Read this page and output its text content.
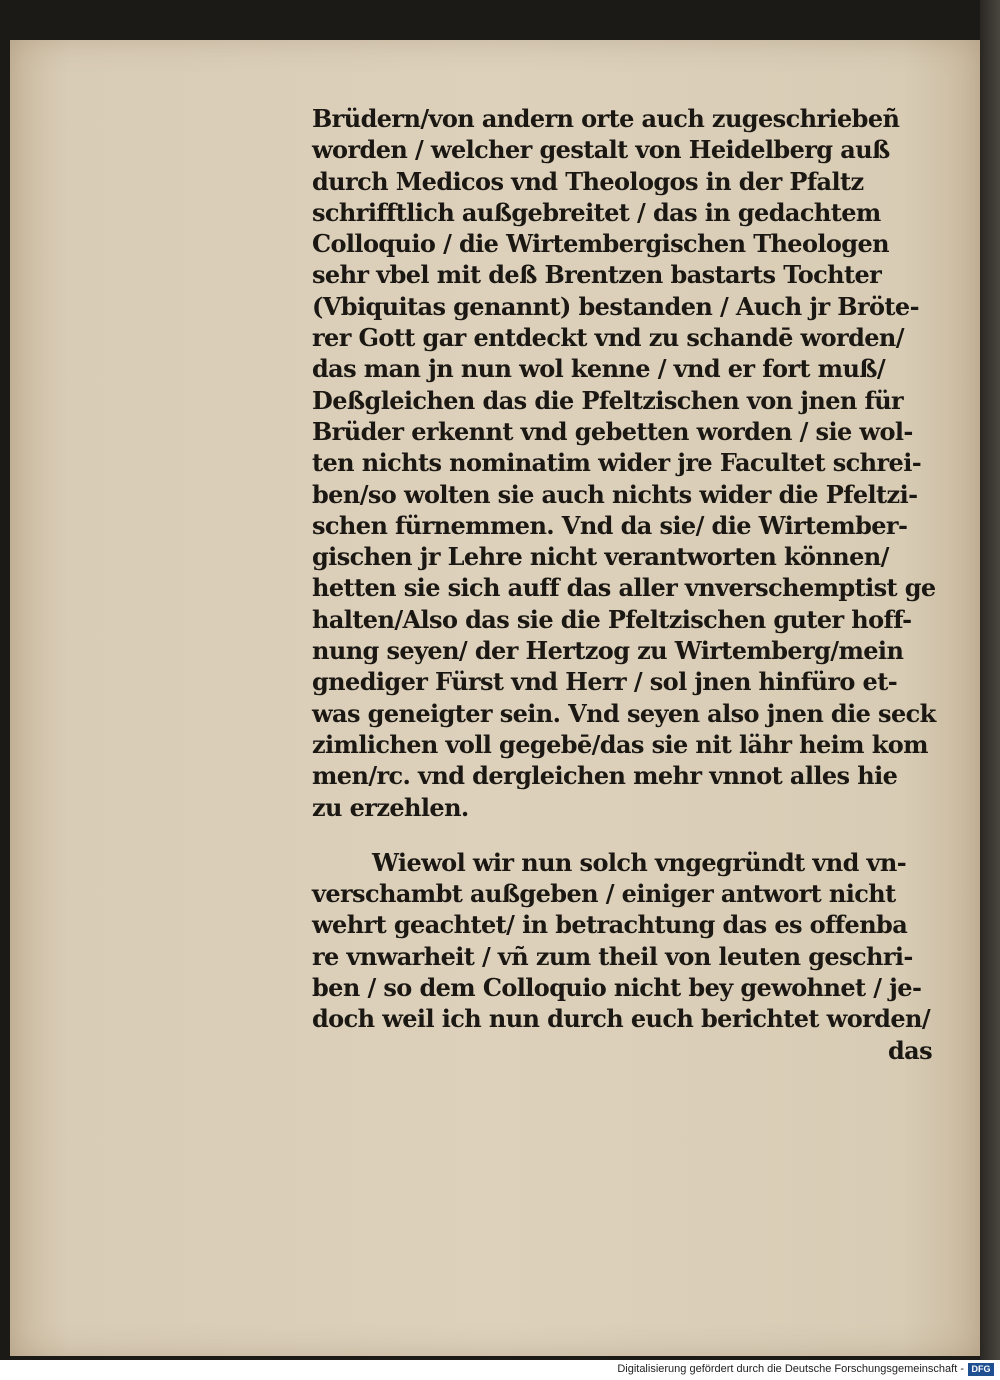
Brüdern/von andern orte auch zugeschriebeñ
worden / welcher gestalt von Heidelberg auß
durch Medicos vnd Theologos in der Pfaltz
schrifftlich außgebreitet / das in gedachtem
Colloquio / die Wirtembergischen Theologen
sehr vbel mit deß Brentzen bastarts Tochter
(Vbiquitas genannt) bestanden / Auch jr Bröte-
rer Gott gar entdeckt vnd zu schandē worden/
das man jn nun wol kenne / vnd er fort muß/
Deßgleichen das die Pfeltzischen von jnen für
Brüder erkennt vnd gebetten worden / sie wol-
ten nichts nominatim wider jre Facultet schrei-
ben/so wolten sie auch nichts wider die Pfeltzi-
schen fürnemmen. Vnd da sie/ die Wirtember-
gischen jr Lehre nicht verantworten können/
hetten sie sich auff das aller vnverschemptist ge
halten/Also das sie die Pfeltzischen guter hoff-
nung seyen/ der Hertzog zu Wirtemberg/mein
gnediger Fürst vnd Herr / sol jnen hinfüro et-
was geneigter sein. Vnd seyen also jnen die seck
zimlichen voll gegebē/das sie nit lähr heim kom
men/rc. vnd dergleichen mehr vnnot alles hie
zu erzehlen.
Wiewol wir nun solch vngegründt vnd vn-
verschambt außgeben / einiger antwort nicht
wehrt geachtet/ in betrachtung das es offenba
re vnwarheit / vñ zum theil von leuten geschri-
ben / so dem Colloquio nicht bey gewohnet / je-
doch weil ich nun durch euch berichtet worden/
das
Digitalisierung gefördert durch die Deutsche Forschungsgemeinschaft - DFG
